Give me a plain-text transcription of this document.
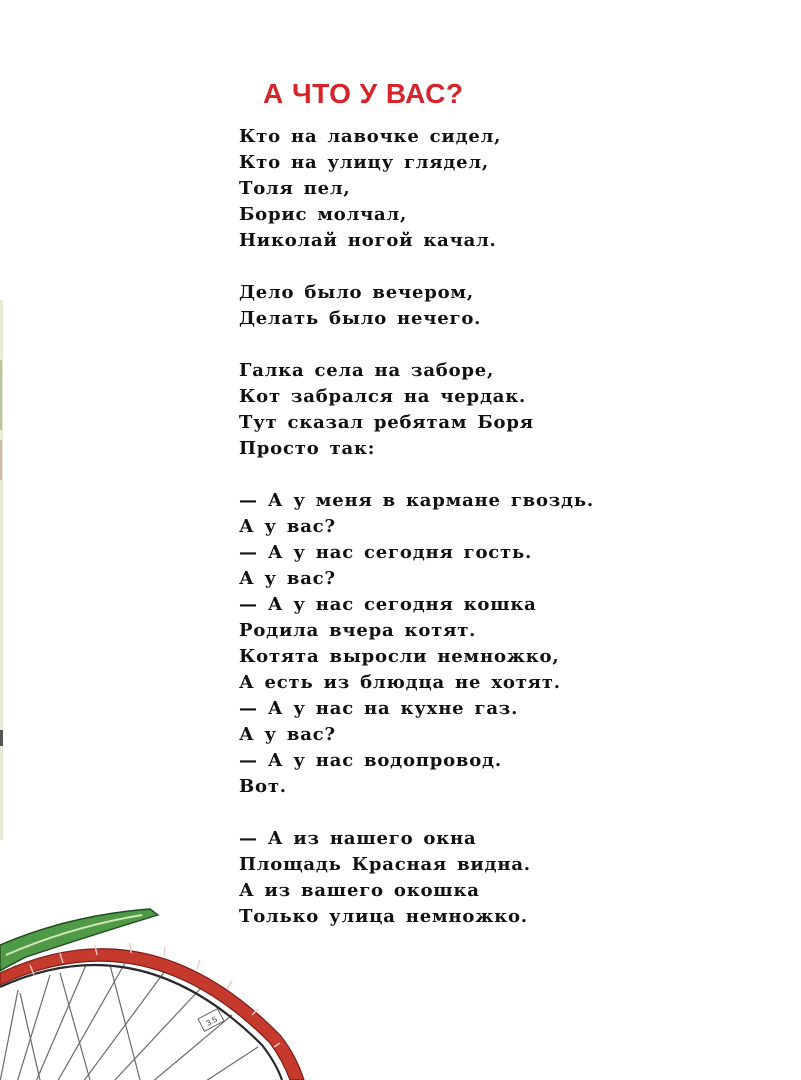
А ЧТО У ВАС?
Кто на лавочке сидел,
Кто на улицу глядел,
Толя пел,
Борис молчал,
Николай ногой качал.
Дело было вечером,
Делать было нечего.
Галка села на заборе,
Кот забрался на чердак.
Тут сказал ребятам Боря
Просто так:
— А у меня в кармане гвоздь.
А у вас?
— А у нас сегодня гость.
А у вас?
— А у нас сегодня кошка
Родила вчера котят.
Котята выросли немножко,
А есть из блюдца не хотят.
— А у нас на кухне газ.
А у вас?
— А у нас водопровод.
Вот.
— А из нашего окна
Площадь Красная видна.
А из вашего окошка
Только улица немножко.
3.5
